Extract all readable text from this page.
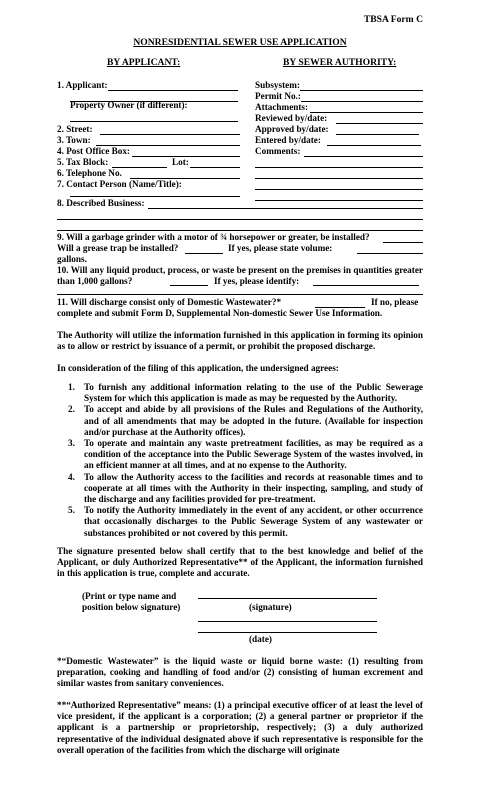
TBSA Form C
NONRESIDENTIAL SEWER USE APPLICATION
BY APPLICANT:	BY SEWER AUTHORITY:
1. Applicant:
Property Owner (if different):
2. Street:
3. Town:
4. Post Office Box:
5. Tax Block:	Lot:
6. Telephone No.
7. Contact Person (Name/Title):
8. Described Business:
Subsystem:
Permit No.:
Attachments:
Reviewed by/date:
Approved by/date:
Entered by/date:
Comments:
9. Will a garbage grinder with a motor of ¾ horsepower or greater, be installed?
Will a grease trap be installed?	If yes, please state volume:
gallons.
10. Will any liquid product, process, or waste be present on the premises in quantities greater than 1,000 gallons?	If yes, please identify:
11. Will discharge consist only of Domestic Wastewater?*	If no, please
complete and submit Form D, Supplemental Non-domestic Sewer Use Information.
The Authority will utilize the information furnished in this application in forming its opinion as to allow or restrict by issuance of a permit, or prohibit the proposed discharge.
In consideration of the filing of this application, the undersigned agrees:
1. To furnish any additional information relating to the use of the Public Sewerage System for which this application is made as may be requested by the Authority.
2. To accept and abide by all provisions of the Rules and Regulations of the Authority, and of all amendments that may be adopted in the future. (Available for inspection and/or purchase at the Authority offices).
3. To operate and maintain any waste pretreatment facilities, as may be required as a condition of the acceptance into the Public Sewerage System of the wastes involved, in an efficient manner at all times, and at no expense to the Authority.
4. To allow the Authority access to the facilities and records at reasonable times and to cooperate at all times with the Authority in their inspecting, sampling, and study of the discharge and any facilities provided for pre-treatment.
5. To notify the Authority immediately in the event of any accident, or other occurrence that occasionally discharges to the Public Sewerage System of any wastewater or substances prohibited or not covered by this permit.
The signature presented below shall certify that to the best knowledge and belief of the Applicant, or duly Authorized Representative** of the Applicant, the information furnished in this application is true, complete and accurate.
(Print or type name and
position below signature)	(signature)
(date)
*“Domestic Wastewater” is the liquid waste or liquid borne waste: (1) resulting from preparation, cooking and handling of food and/or (2) consisting of human excrement and similar wastes from sanitary conveniences.
**“Authorized Representative” means: (1) a principal executive officer of at least the level of vice president, if the applicant is a corporation; (2) a general partner or proprietor if the applicant is a partnership or proprietorship, respectively; (3) a duly authorized representative of the individual designated above if such representative is responsible for the overall operation of the facilities from which the discharge will originate
